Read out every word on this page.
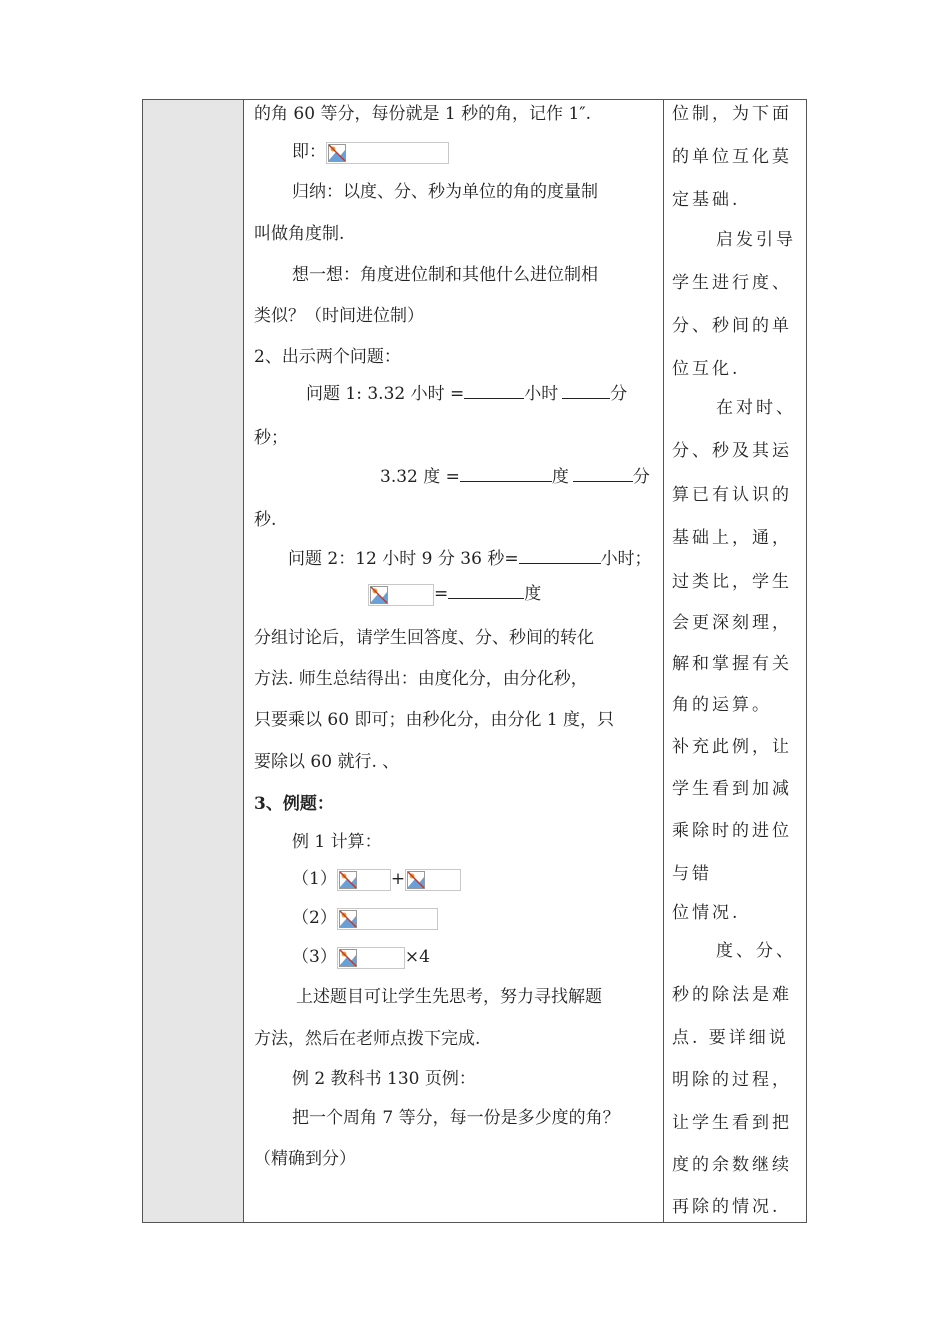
的角 60 等分，每份就是 1 秒的角，记作 1″.
即：
归纳：以度、分、秒为单位的角的度量制
叫做角度制.
想一想：角度进位制和其他什么进位制相
类似？（时间进位制）
2、出示两个问题：
问题 1: 3.32 小时 =	小时	分
秒；
3.32 度 =	度	分
秒.
问题 2：12 小时 9 分 36 秒=	小时；
=	度
分组讨论后，请学生回答度、分、秒间的转化
方法. 师生总结得出：由度化分，由分化秒，
只要乘以 60 即可；由秒化分，由分化 1 度，只
要除以 60 就行. 、
3、例题：
例 1 计算：
（1）	+
（2）
（3）	×4
上述题目可让学生先思考，努力寻找解题
方法，然后在老师点拨下完成.
例 2 教科书 130 页例：
把一个周角 7 等分，每一份是多少度的角？
（精确到分）
位制，为下面
的单位互化莫
定基础.
启发引导
学生进行度、
分、秒间的单
位互化.
在对时、
分、秒及其运
算已有认识的
基础上，通，
过类比，学生
会更深刻理，
解和掌握有关
角的运算。
补充此例，让
学生看到加减
乘除时的进位
与错
位情况.
度、分、
秒的除法是难
点. 要详细说
明除的过程，
让学生看到把
度的余数继续
再除的情况.
